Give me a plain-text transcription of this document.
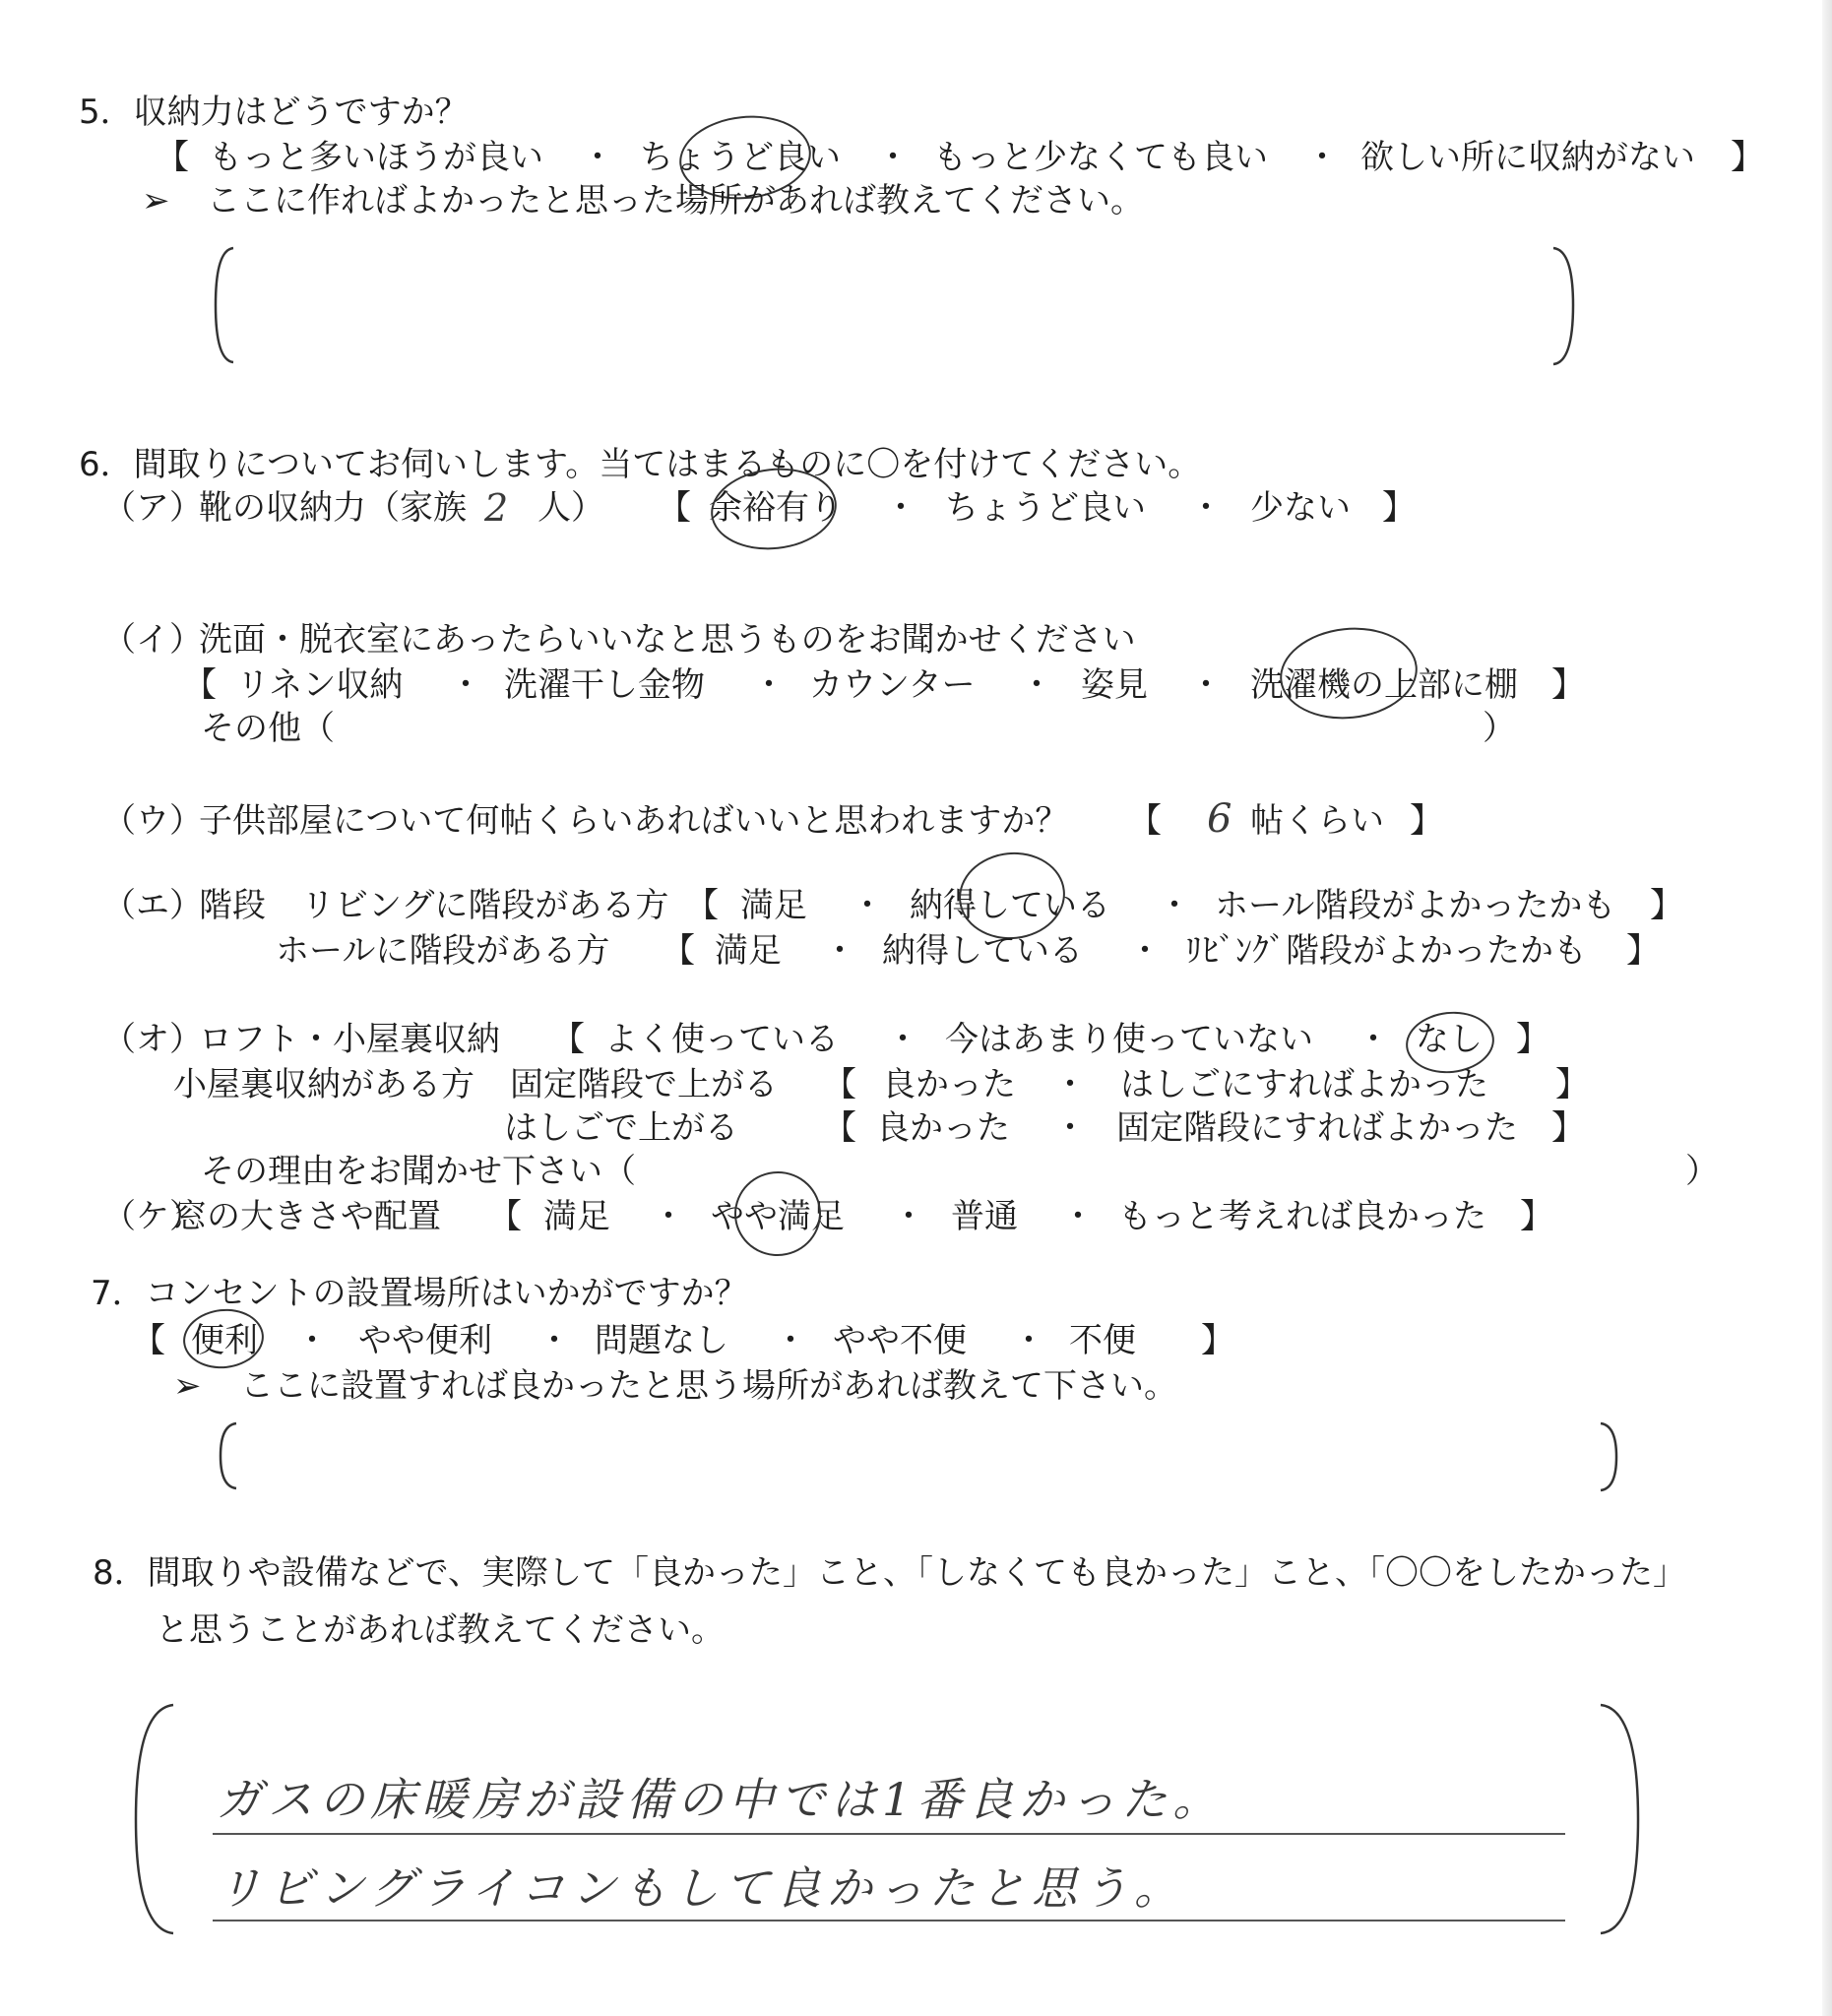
5．収納力はどうですか？
【 もっと多いほうが良い ・ ちょうど良い ・ もっと少なくても良い ・ 欲しい所に収納がない 】
➢ ここに作ればよかったと思った場所があれば教えてください。
6．間取りについてお伺いします。当てはまるものに〇を付けてください。
（ア）
靴の収納力（家族 2 人） 【 余裕有り ・ ちょうど良い ・ 少ない 】
（イ）
洗面・脱衣室にあったらいいなと思うものをお聞かせください
【 リネン収納 ・ 洗濯干し金物 ・ カウンター ・ 姿見 ・ 洗濯機の上部に棚 】
その他（	）
（ウ）
子供部屋について何帖くらいあればいいと思われますか？ 【 6 帖くらい 】
（エ）
階段 リビングに階段がある方 【 満足 ・ 納得している ・ ホール階段がよかったかも 】
ホールに階段がある方 【 満足 ・ 納得している ・ ﾘﾋﾞﾝｸﾞ階段がよかったかも 】
（オ）
ロフト・小屋裏収納 【 よく使っている ・ 今はあまり使っていない ・ なし 】
小屋裏収納がある方 固定階段で上がる 【 良かった ・ はしごにすればよかった 】
はしごで上がる	【 良かった ・ 固定階段にすればよかった 】
その理由をお聞かせ下さい（	）
（ケ）
窓の大きさや配置 【 満足 ・ やや満足 ・ 普通 ・ もっと考えれば良かった 】
7．コンセントの設置場所はいかがですか？
【 便利 ・ やや便利 ・ 問題なし ・ やや不便 ・ 不便 】
➢ ここに設置すれば良かったと思う場所があれば教えて下さい。
8．間取りや設備などで、実際して「良かった」こと、「しなくても良かった」こと、「〇〇をしたかった」
と思うことがあれば教えてください。
ガスの床暖房が設備の中では1番良かった。
リビングライコンもして良かったと思う。
